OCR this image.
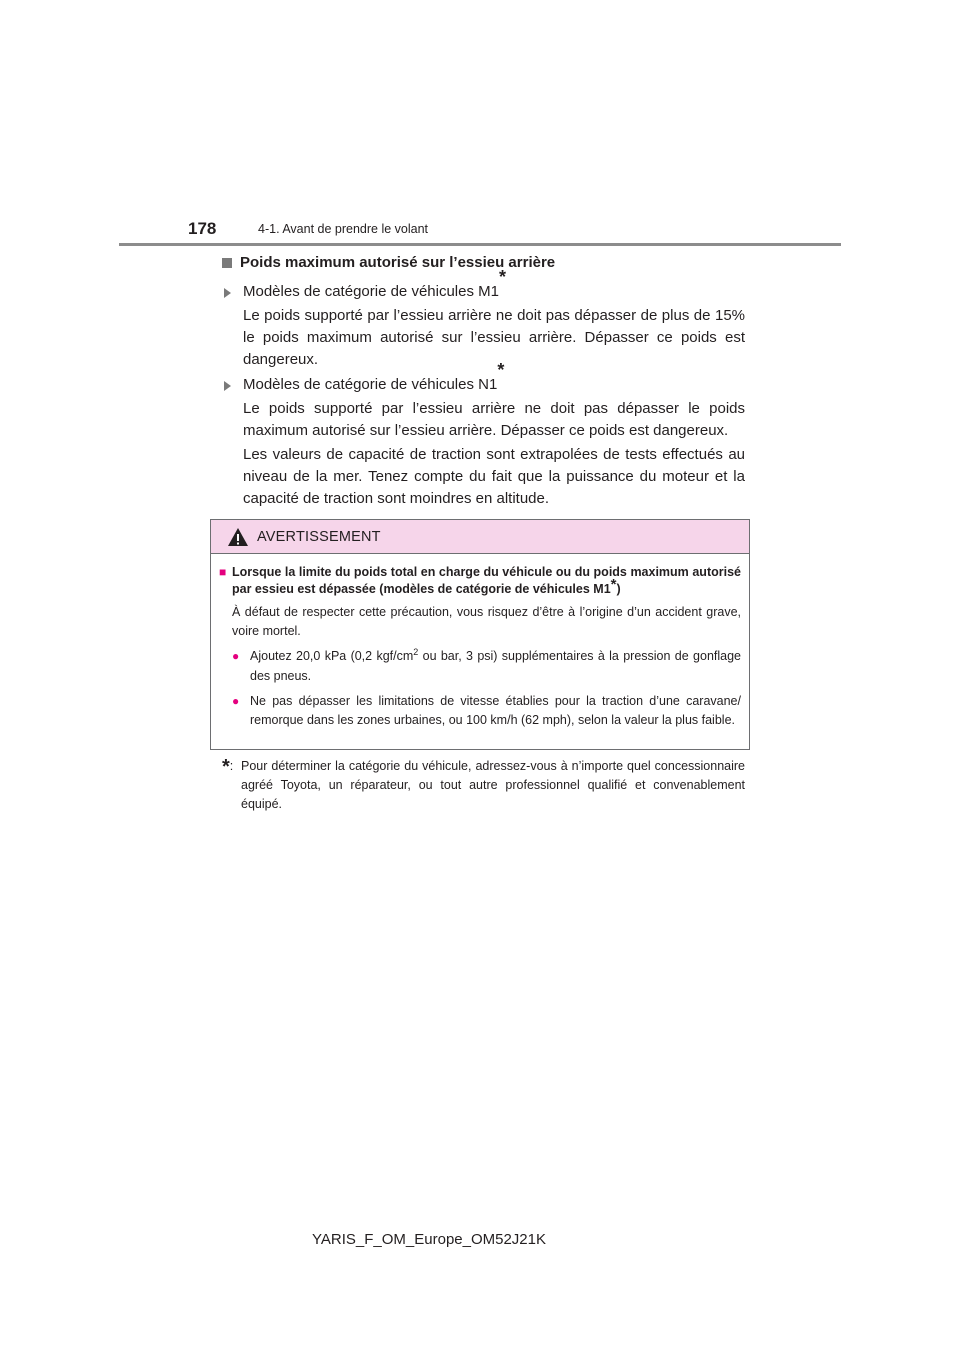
178	4-1. Avant de prendre le volant
Poids maximum autorisé sur l’essieu arrière
Modèles de catégorie de véhicules M1
*
Le poids supporté par l’essieu arrière ne doit pas dépasser de plus de 15% le poids maximum autorisé sur l’essieu arrière. Dépasser ce poids est dangereux.
Modèles de catégorie de véhicules N1
*
Le poids supporté par l’essieu arrière ne doit pas dépasser le poids maximum autorisé sur l’essieu arrière. Dépasser ce poids est dangereux.
Les valeurs de capacité de traction sont extrapolées de tests effectués au niveau de la mer. Tenez compte du fait que la puissance du moteur et la capacité de traction sont moindres en altitude.
AVERTISSEMENT
■ Lorsque la limite du poids total en charge du véhicule ou du poids maximum autorisé par essieu est dépassée (modèles de catégorie de véhicules M1*)
À défaut de respecter cette précaution, vous risquez d’être à l’origine d’un accident grave, voire mortel.
● Ajoutez 20,0 kPa (0,2 kgf/$cm^2$ ou bar, 3 psi) supplémentaires à la pression de gonflage des pneus.
● Ne pas dépasser les limitations de vitesse établies pour la traction d’une caravane/ remorque dans les zones urbaines, ou 100 km/h (62 mph), selon la valeur la plus faible.
*: Pour déterminer la catégorie du véhicule, adressez-vous à n’importe quel concessionnaire agréé Toyota, un réparateur, ou tout autre professionnel qualifié et convenablement équipé.
YARIS_F_OM_Europe_OM52J21K
